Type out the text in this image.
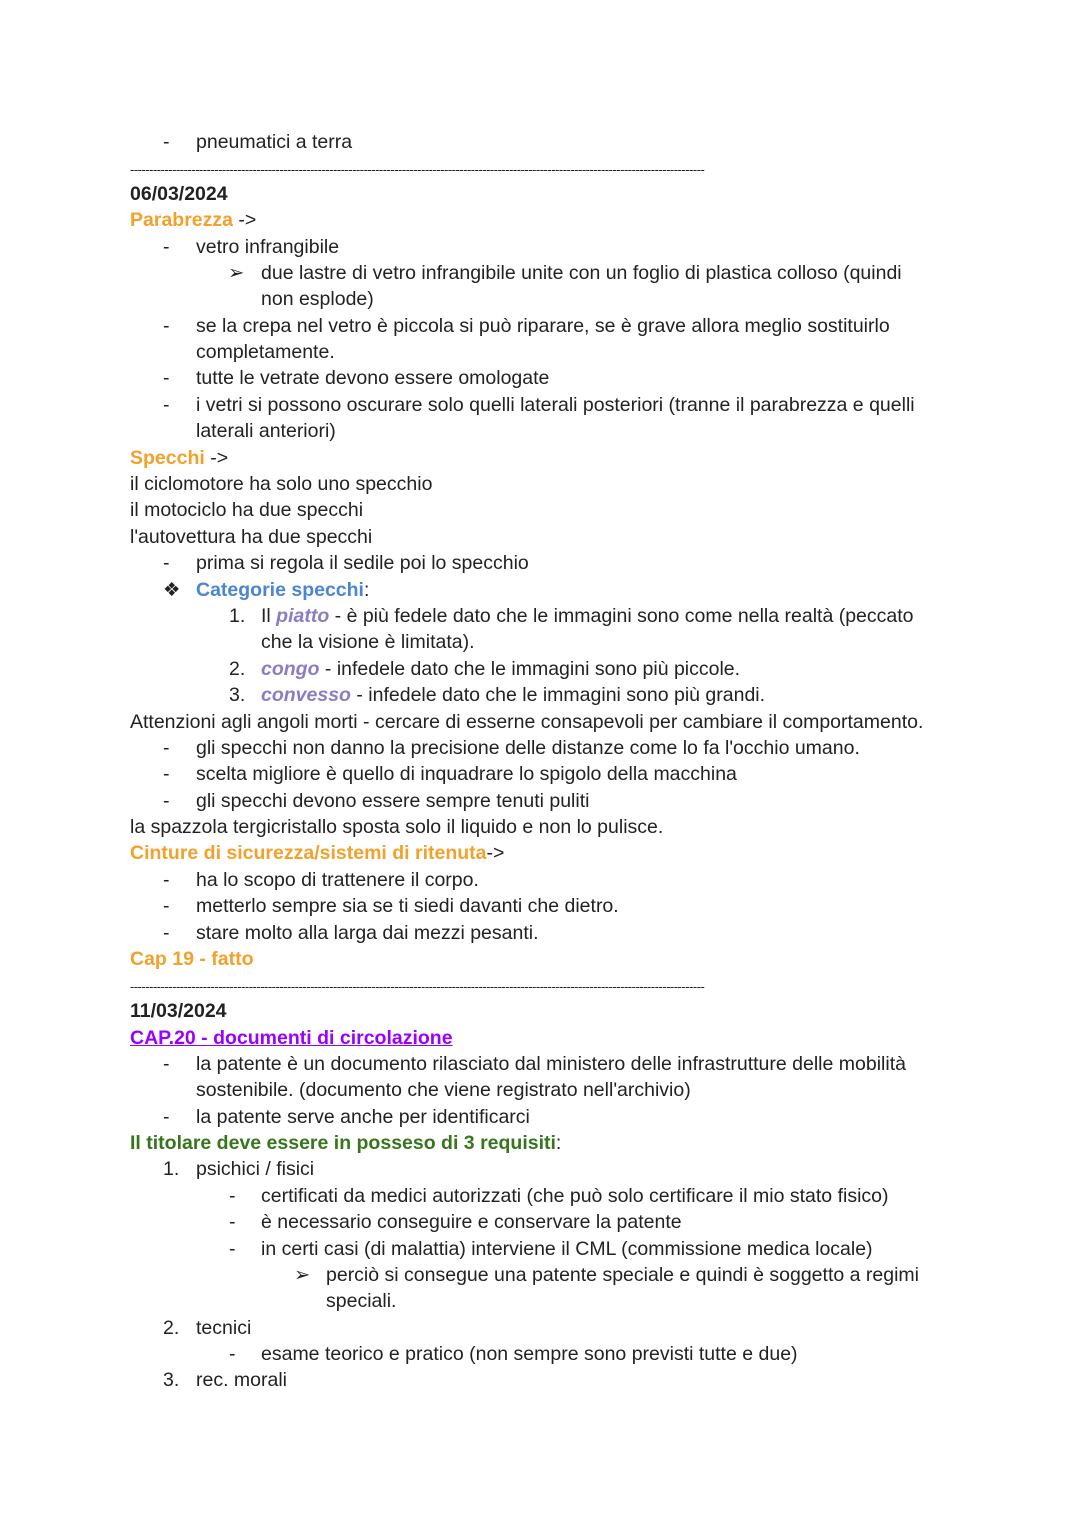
- pneumatici a terra
------------------------------------------------------------------------------------------------------------------------------------------------------
06/03/2024
Parabrezza ->
- vetro infrangibile
➢ due lastre di vetro infrangibile unite con un foglio di plastica colloso (quindi
non esplode)
- se la crepa nel vetro è piccola si può riparare, se è grave allora meglio sostituirlo
completamente.
- tutte le vetrate devono essere omologate
- i vetri si possono oscurare solo quelli laterali posteriori (tranne il parabrezza e quelli
laterali anteriori)
Specchi ->
il ciclomotore ha solo uno specchio
il motociclo ha due specchi
l'autovettura ha due specchi
- prima si regola il sedile poi lo specchio
❖ Categorie specchi:
1. Il piatto - è più fedele dato che le immagini sono come nella realtà (peccato
che la visione è limitata).
2. congo - infedele dato che le immagini sono più piccole.
3. convesso - infedele dato che le immagini sono più grandi.
Attenzioni agli angoli morti - cercare di esserne consapevoli per cambiare il comportamento.
- gli specchi non danno la precisione delle distanze come lo fa l'occhio umano.
- scelta migliore è quello di inquadrare lo spigolo della macchina
- gli specchi devono essere sempre tenuti puliti
la spazzola tergicristallo sposta solo il liquido e non lo pulisce.
Cinture di sicurezza/sistemi di ritenuta->
- ha lo scopo di trattenere il corpo.
- metterlo sempre sia se ti siedi davanti che dietro.
- stare molto alla larga dai mezzi pesanti.
Cap 19 - fatto
------------------------------------------------------------------------------------------------------------------------------------------------------
11/03/2024
CAP.20 - documenti di circolazione
- la patente è un documento rilasciato dal ministero delle infrastrutture delle mobilità
sostenibile. (documento che viene registrato nell'archivio)
- la patente serve anche per identificarci
Il titolare deve essere in posseso di 3 requisiti:
1. psichici / fisici
- certificati da medici autorizzati (che può solo certificare il mio stato fisico)
- è necessario conseguire e conservare la patente
- in certi casi (di malattia) interviene il CML (commissione medica locale)
➢ perciò si consegue una patente speciale e quindi è soggetto a regimi
speciali.
2. tecnici
- esame teorico e pratico (non sempre sono previsti tutte e due)
3. rec. morali
